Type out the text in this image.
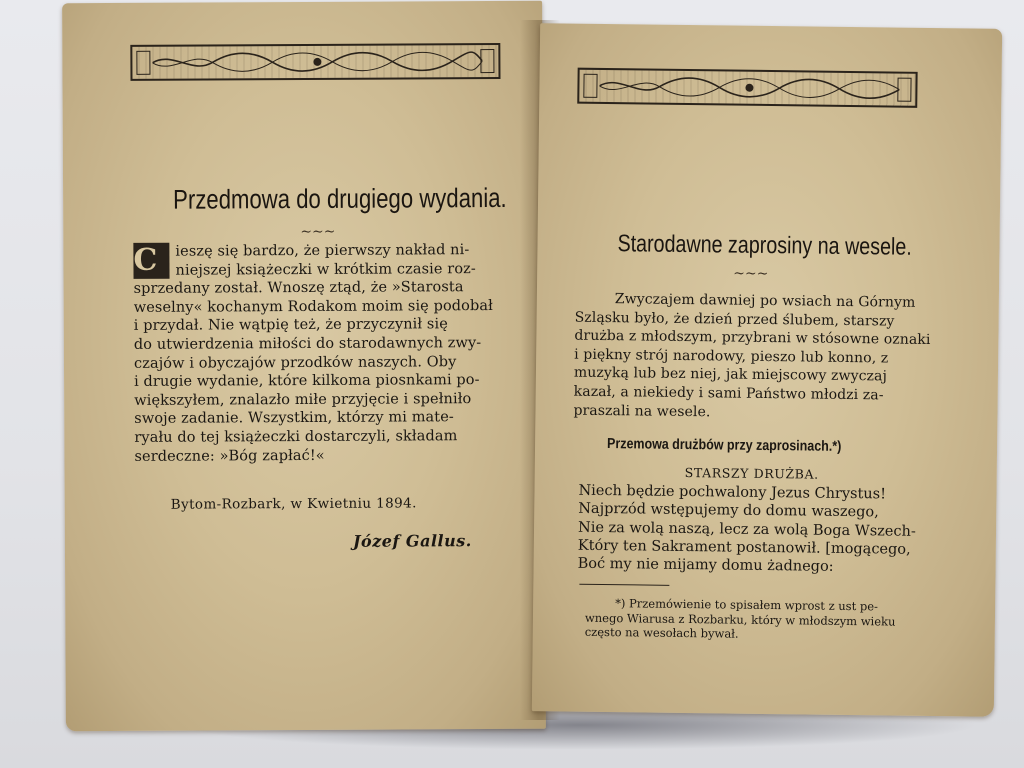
Przedmowa do drugiego wydania.
~~~
C	ieszę się bardzo, że pierwszy nakład ni-
niejszej książeczki w krótkim czasie roz-
sprzedany został. Wnoszę ztąd, że »Starosta
weselny« kochanym Rodakom moim się podobał
i przydał. Nie wątpię też, że przyczynił się
do utwierdzenia miłości do starodawnych zwy-
czajów i obyczajów przodków naszych. Oby
i drugie wydanie, które kilkoma piosnkami po-
większyłem, znalazło miłe przyjęcie i spełniło
swoje zadanie. Wszystkim, którzy mi mate-
ryału do tej książeczki dostarczyli, składam
serdeczne: »Bóg zapłać!«
Bytom-Rozbark, w Kwietniu 1894.
Józef Gallus.
Starodawne zaprosiny na wesele.
~~~
Zwyczajem dawniej po wsiach na Górnym
Szląsku było, że dzień przed ślubem, starszy
drużba z młodszym, przybrani w stósowne oznaki
i piękny strój narodowy, pieszo lub konno, z
muzyką lub bez niej, jak miejscowy zwyczaj
kazał, a niekiedy i sami Państwo młodzi za-
praszali na wesele.
Przemowa drużbów przy zaprosinach.*)
STARSZY DRUŻBA.
Niech będzie pochwalony Jezus Chrystus!
Najprzód wstępujemy do domu waszego,
Nie za wolą naszą, lecz za wolą Boga Wszech-
Który ten Sakrament postanowił. [mogącego,
Boć my nie mijamy domu żadnego:
*) Przemówienie to spisałem wprost z ust pe-
wnego Wiarusa z Rozbarku, który w młodszym wieku
często na wesołach bywał.
